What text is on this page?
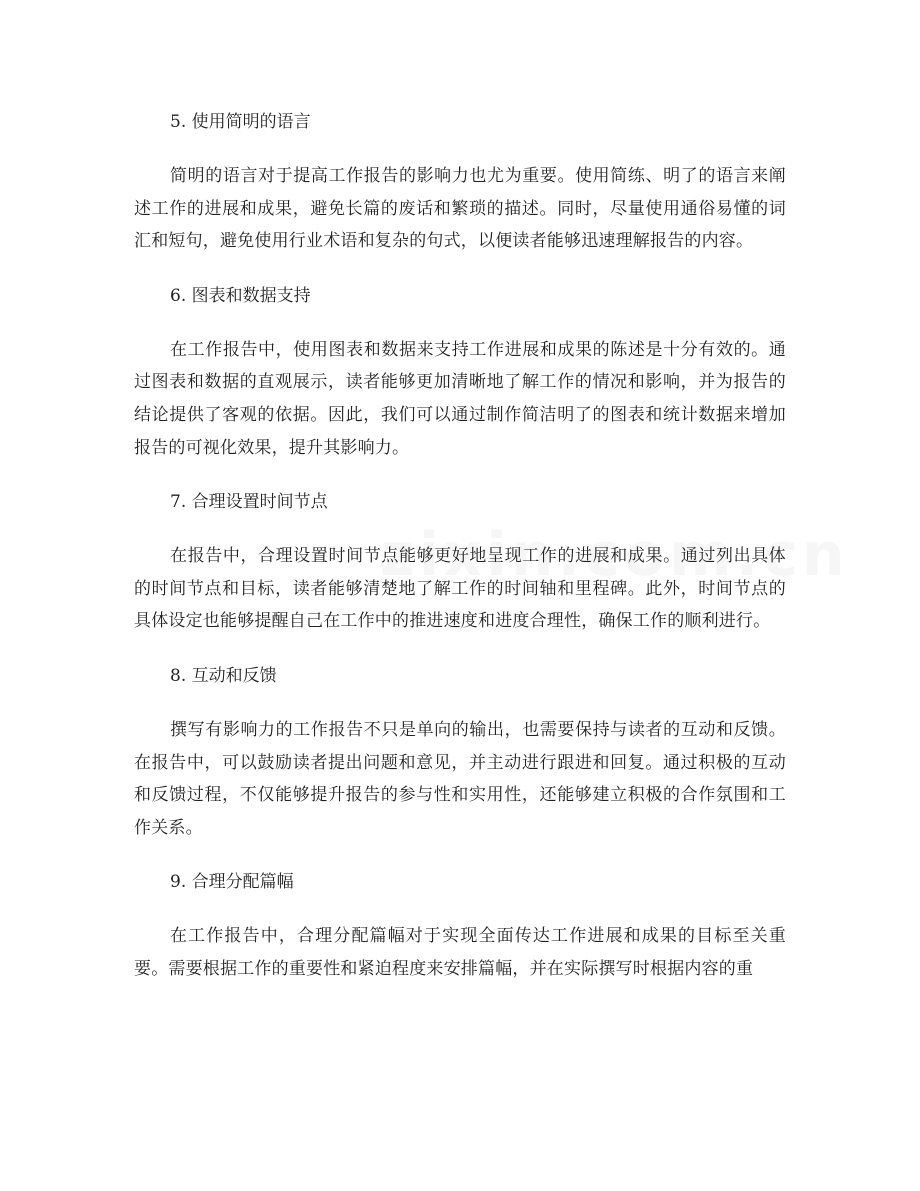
5. 使用简明的语言
简明的语言对于提高工作报告的影响力也尤为重要。使用简练、明了的语言来阐述工作的进展和成果，避免长篇的废话和繁琐的描述。同时，尽量使用通俗易懂的词汇和短句，避免使用行业术语和复杂的句式，以便读者能够迅速理解报告的内容。
6. 图表和数据支持
在工作报告中，使用图表和数据来支持工作进展和成果的陈述是十分有效的。通过图表和数据的直观展示，读者能够更加清晰地了解工作的情况和影响，并为报告的结论提供了客观的依据。因此，我们可以通过制作简洁明了的图表和统计数据来增加报告的可视化效果，提升其影响力。
7. 合理设置时间节点
在报告中，合理设置时间节点能够更好地呈现工作的进展和成果。通过列出具体的时间节点和目标，读者能够清楚地了解工作的时间轴和里程碑。此外，时间节点的具体设定也能够提醒自己在工作中的推进速度和进度合理性，确保工作的顺利进行。
8. 互动和反馈
撰写有影响力的工作报告不只是单向的输出，也需要保持与读者的互动和反馈。在报告中，可以鼓励读者提出问题和意见，并主动进行跟进和回复。通过积极的互动和反馈过程，不仅能够提升报告的参与性和实用性，还能够建立积极的合作氛围和工作关系。
9. 合理分配篇幅
在工作报告中，合理分配篇幅对于实现全面传达工作进展和成果的目标至关重要。需要根据工作的重要性和紧迫程度来安排篇幅，并在实际撰写时根据内容的重
